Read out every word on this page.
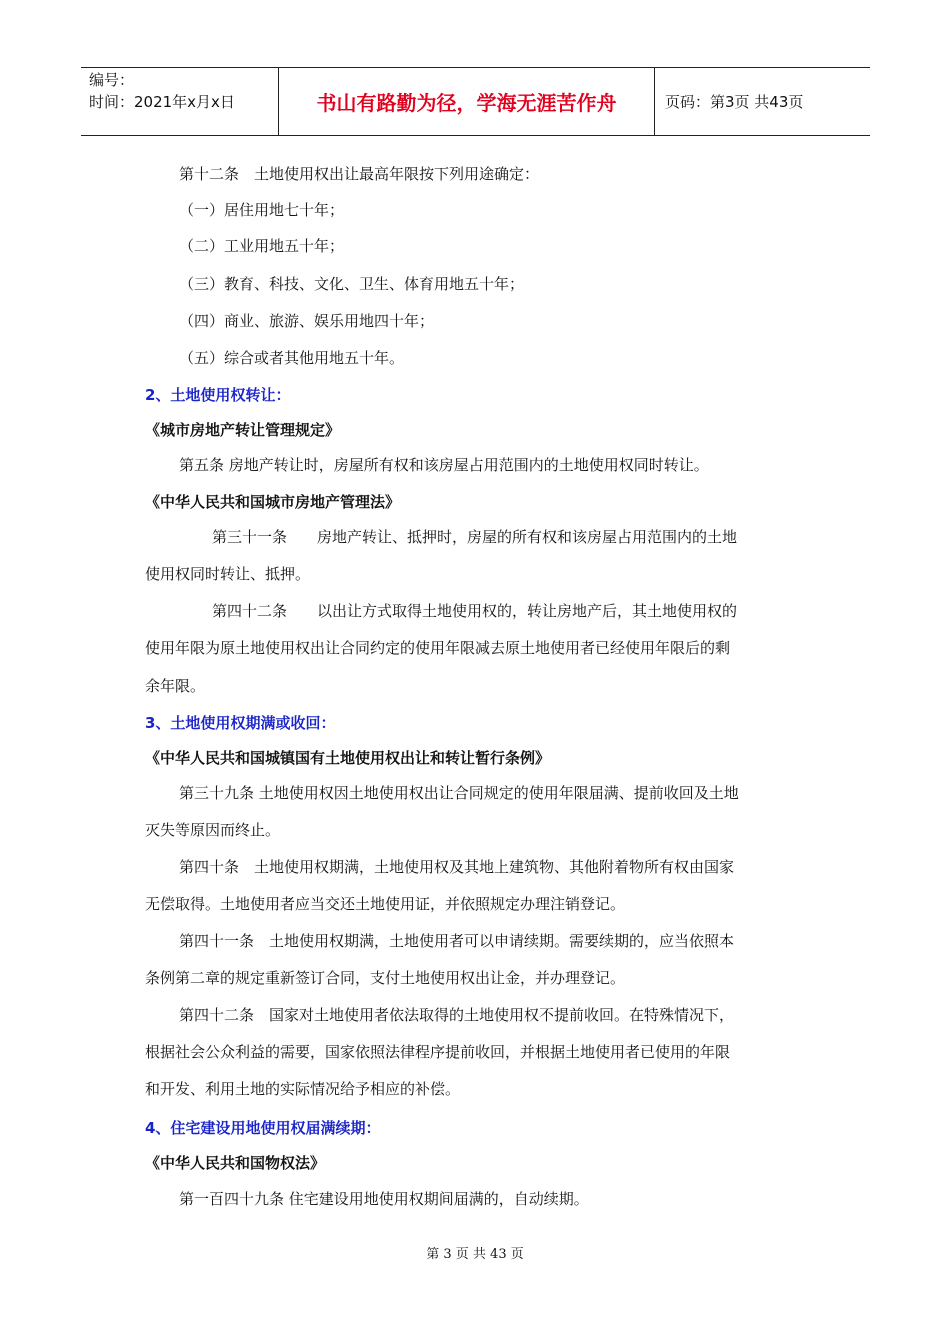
编号：
时间：2021年x月x日	书山有路勤为径，学海无涯苦作舟	页码：第3页 共43页
第十二条　土地使用权出让最高年限按下列用途确定：
（一）居住用地七十年；
（二）工业用地五十年；
（三）教育、科技、文化、卫生、体育用地五十年；
（四）商业、旅游、娱乐用地四十年；
（五）综合或者其他用地五十年。
2、土地使用权转让：
《城市房地产转让管理规定》
第五条 房地产转让时，房屋所有权和该房屋占用范围内的土地使用权同时转让。
《中华人民共和国城市房地产管理法》
第三十一条　　房地产转让、抵押时，房屋的所有权和该房屋占用范围内的土地
使用权同时转让、抵押。
第四十二条　　以出让方式取得土地使用权的，转让房地产后，其土地使用权的
使用年限为原土地使用权出让合同约定的使用年限减去原土地使用者已经使用年限后的剩
余年限。
3、土地使用权期满或收回：
《中华人民共和国城镇国有土地使用权出让和转让暂行条例》
第三十九条 土地使用权因土地使用权出让合同规定的使用年限届满、提前收回及土地
灭失等原因而终止。
第四十条　土地使用权期满，土地使用权及其地上建筑物、其他附着物所有权由国家
无偿取得。土地使用者应当交还土地使用证，并依照规定办理注销登记。
第四十一条　土地使用权期满，土地使用者可以申请续期。需要续期的，应当依照本
条例第二章的规定重新签订合同，支付土地使用权出让金，并办理登记。
第四十二条　国家对土地使用者依法取得的土地使用权不提前收回。在特殊情况下，
根据社会公众利益的需要，国家依照法律程序提前收回，并根据土地使用者已使用的年限
和开发、利用土地的实际情况给予相应的补偿。
4、住宅建设用地使用权届满续期：
《中华人民共和国物权法》
第一百四十九条 住宅建设用地使用权期间届满的，自动续期。
第 3 页 共 43 页
